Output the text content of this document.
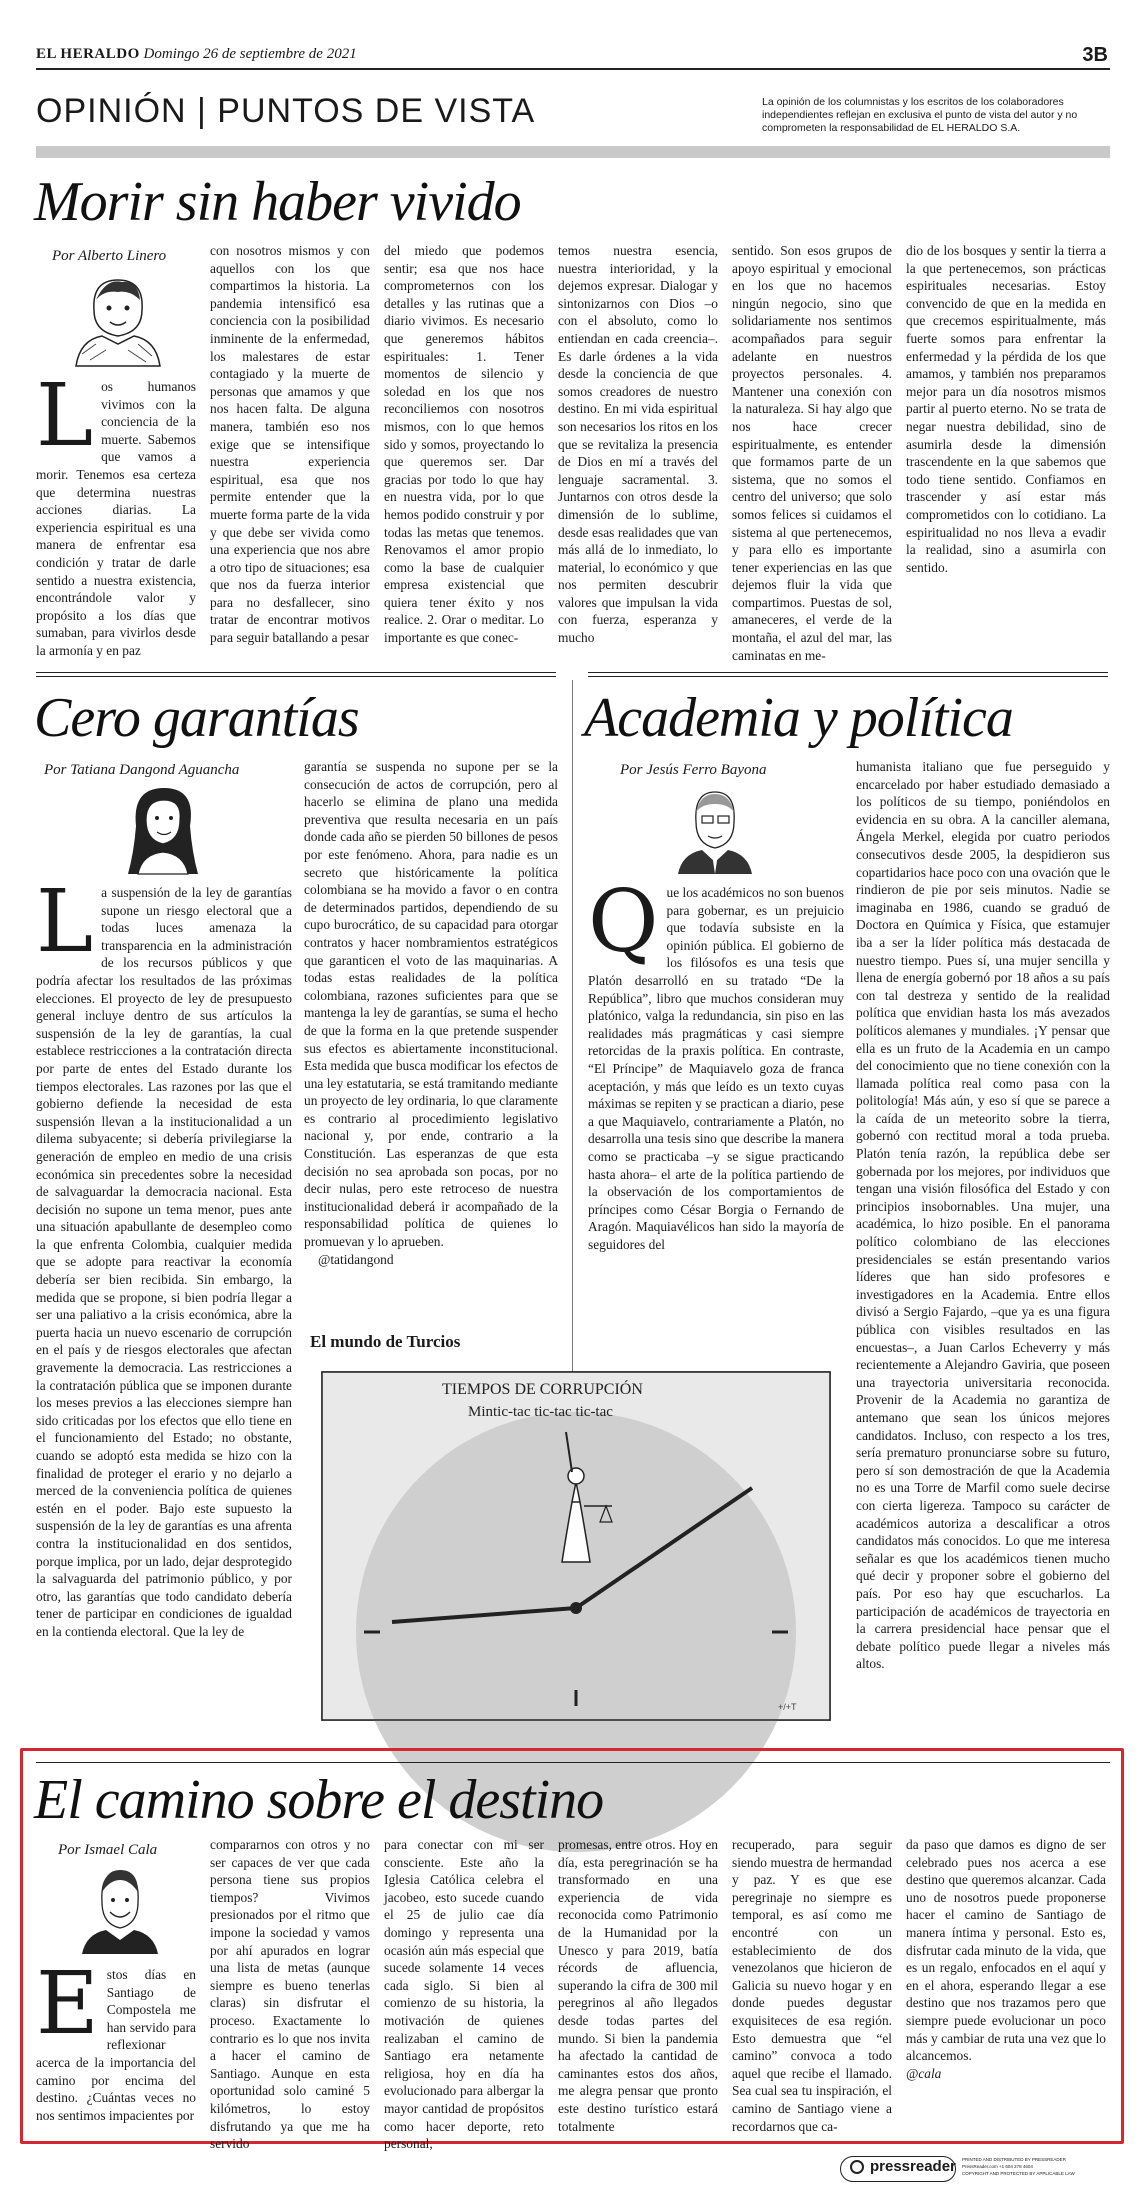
EL HERALDO Domingo 26 de septiembre de 2021	3B
OPINIÓN | PUNTOS DE VISTA	La opinión de los columnistas y los escritos de los colaboradores independientes reflejan en exclusiva el punto de vista del autor y no comprometen la responsabilidad de EL HERALDO S.A.
Morir sin haber vivido
Por Alberto Linero
Los humanos vivimos con la conciencia de la muerte. Sabemos que vamos a morir. Tenemos esa certeza que determina nuestras acciones diarias. La experiencia espiritual es una manera de enfrentar esa condición y tratar de darle sentido a nuestra existencia, encontrándole valor y propósito a los días que sumaban, para vivirlos desde la armonía y en paz
con nosotros mismos y con aquellos con los que compartimos la historia. La pandemia intensificó esa conciencia con la posibilidad inminente de la enfermedad, los malestares de estar contagiado y la muerte de personas que amamos y que nos hacen falta. De alguna manera, también eso nos exige que se intensifique nuestra experiencia espiritual, esa que nos permite entender que la muerte forma parte de la vida y que debe ser vivida como una experiencia que nos abre a otro tipo de situaciones; esa que nos da fuerza interior para no desfallecer, sino tratar de encontrar motivos para seguir batallando a pesar
del miedo que podemos sentir; esa que nos hace comprometernos con los detalles y las rutinas que a diario vivimos. Es necesario que generemos hábitos espirituales: 1. Tener momentos de silencio y soledad en los que nos reconciliemos con nosotros mismos, con lo que hemos sido y somos, proyectando lo que queremos ser. Dar gracias por todo lo que hay en nuestra vida, por lo que hemos podido construir y por todas las metas que tenemos. Renovamos el amor propio como la base de cualquier empresa existencial que quiera tener éxito y nos realice. 2. Orar o meditar. Lo importante es que conec-
temos nuestra esencia, nuestra interioridad, y la dejemos expresar. Dialogar y sintonizarnos con Dios –o con el absoluto, como lo entiendan en cada creencia–. Es darle órdenes a la vida desde la conciencia de que somos creadores de nuestro destino. En mi vida espiritual son necesarios los ritos en los que se revitaliza la presencia de Dios en mí a través del lenguaje sacramental. 3. Juntarnos con otros desde la dimensión de lo sublime, desde esas realidades que van más allá de lo inmediato, lo material, lo económico y que nos permiten descubrir valores que impulsan la vida con fuerza, esperanza y mucho
sentido. Son esos grupos de apoyo espiritual y emocional en los que no hacemos ningún negocio, sino que solidariamente nos sentimos acompañados para seguir adelante en nuestros proyectos personales. 4. Mantener una conexión con la naturaleza. Si hay algo que nos hace crecer espiritualmente, es entender que formamos parte de un sistema, que no somos el centro del universo; que solo somos felices si cuidamos el sistema al que pertenecemos, y para ello es importante tener experiencias en las que dejemos fluir la vida que compartimos. Puestas de sol, amaneceres, el verde de la montaña, el azul del mar, las caminatas en me-
dio de los bosques y sentir la tierra a la que pertenecemos, son prácticas espirituales necesarias. Estoy convencido de que en la medida en que crecemos espiritualmente, más fuerte somos para enfrentar la enfermedad y la pérdida de los que amamos, y también nos preparamos mejor para un día nosotros mismos partir al puerto eterno. No se trata de negar nuestra debilidad, sino de asumirla desde la dimensión trascendente en la que sabemos que todo tiene sentido. Confiamos en trascender y así estar más comprometidos con lo cotidiano. La espiritualidad no nos lleva a evadir la realidad, sino a asumirla con sentido.
Cero garantías
Por Tatiana Dangond Aguancha
La suspensión de la ley de garantías supone un riesgo electoral que a todas luces amenaza la transparencia en la administración de los recursos públicos y que podría afectar los resultados de las próximas elecciones. El proyecto de ley de presupuesto general incluye dentro de sus artículos la suspensión de la ley de garantías, la cual establece restricciones a la contratación directa por parte de entes del Estado durante los tiempos electorales. Las razones por las que el gobierno defiende la necesidad de esta suspensión llevan a la institucionalidad a un dilema subyacente; si debería privilegiarse la generación de empleo en medio de una crisis económica sin precedentes sobre la necesidad de salvaguardar la democracia nacional. Esta decisión no supone un tema menor, pues ante una situación apabullante de desempleo como la que enfrenta Colombia, cualquier medida que se adopte para reactivar la economía debería ser bien recibida. Sin embargo, la medida que se propone, si bien podría llegar a ser una paliativo a la crisis económica, abre la puerta hacia un nuevo escenario de corrupción en el país y de riesgos electorales que afectan gravemente la democracia. Las restricciones a la contratación pública que se imponen durante los meses previos a las elecciones siempre han sido criticadas por los efectos que ello tiene en el funcionamiento del Estado; no obstante, cuando se adoptó esta medida se hizo con la finalidad de proteger el erario y no dejarlo a merced de la conveniencia política de quienes estén en el poder. Bajo este supuesto la suspensión de la ley de garantías es una afrenta contra la institucionalidad en dos sentidos, porque implica, por un lado, dejar desprotegido la salvaguarda del patrimonio público, y por otro, las garantías que todo candidato debería tener de participar en condiciones de igualdad en la contienda electoral. Que la ley de
garantía se suspenda no supone per se la consecución de actos de corrupción, pero al hacerlo se elimina de plano una medida preventiva que resulta necesaria en un país donde cada año se pierden 50 billones de pesos por este fenómeno. Ahora, para nadie es un secreto que históricamente la política colombiana se ha movido a favor o en contra de determinados partidos, dependiendo de su cupo burocrático, de su capacidad para otorgar contratos y hacer nombramientos estratégicos que garanticen el voto de las maquinarias. A todas estas realidades de la política colombiana, razones suficientes para que se mantenga la ley de garantías, se suma el hecho de que la forma en la que pretende suspender sus efectos es abiertamente inconstitucional. Esta medida que busca modificar los efectos de una ley estatutaria, se está tramitando mediante un proyecto de ley ordinaria, lo que claramente es contrario al procedimiento legislativo nacional y, por ende, contrario a la Constitución. Las esperanzas de que esta decisión no sea aprobada son pocas, por no decir nulas, pero este retroceso de nuestra institucionalidad deberá ir acompañado de la responsabilidad política de quienes lo promuevan y lo aprueben.

@tatidangond
Academia y política
Por Jesús Ferro Bayona
Que los académicos no son buenos para gobernar, es un prejuicio que todavía subsiste en la opinión pública. El gobierno de los filósofos es una tesis que Platón desarrolló en su tratado “De la República”, libro que muchos consideran muy platónico, valga la redundancia, sin piso en las realidades más pragmáticas y casi siempre retorcidas de la praxis política. En contraste, “El Príncipe” de Maquiavelo goza de franca aceptación, y más que leído es un texto cuyas máximas se repiten y se practican a diario, pese a que Maquiavelo, contrariamente a Platón, no desarrolla una tesis sino que describe la manera como se practicaba –y se sigue practicando hasta ahora– el arte de la política partiendo de la observación de los comportamientos de príncipes como César Borgia o Fernando de Aragón. Maquiavélicos han sido la mayoría de seguidores del
humanista italiano que fue perseguido y encarcelado por haber estudiado demasiado a los políticos de su tiempo, poniéndolos en evidencia en su obra. A la canciller alemana, Ángela Merkel, elegida por cuatro periodos consecutivos desde 2005, la despidieron sus copartidarios hace poco con una ovación que le rindieron de pie por seis minutos. Nadie se imaginaba en 1986, cuando se graduó de Doctora en Química y Física, que estamujer iba a ser la líder política más destacada de nuestro tiempo. Pues sí, una mujer sencilla y llena de energía gobernó por 18 años a su país con tal destreza y sentido de la realidad política que envidian hasta los más avezados políticos alemanes y mundiales. ¡Y pensar que ella es un fruto de la Academia en un campo del conocimiento que no tiene conexión con la llamada política real como pasa con la politología! Más aún, y eso sí que se parece a la caída de un meteorito sobre la tierra, gobernó con rectitud moral a toda prueba. Platón tenía razón, la república debe ser gobernada por los mejores, por individuos que tengan una visión filosófica del Estado y con principios insobornables. Una mujer, una académica, lo hizo posible. En el panorama político colombiano de las elecciones presidenciales se están presentando varios líderes que han sido profesores e investigadores en la Academia. Entre ellos divisó a Sergio Fajardo, –que ya es una figura pública con visibles resultados en las encuestas–, a Juan Carlos Echeverry y más recientemente a Alejandro Gaviria, que poseen una trayectoria universitaria reconocida. Provenir de la Academia no garantiza de antemano que sean los únicos mejores candidatos. Incluso, con respecto a los tres, sería prematuro pronunciarse sobre su futuro, pero sí son demostración de que la Academia no es una Torre de Marfil como suele decirse con cierta ligereza. Tampoco su carácter de académicos autoriza a descalificar a otros candidatos más conocidos. Lo que me interesa señalar es que los académicos tienen mucho qué decir y proponer sobre el gobierno del país. Por eso hay que escucharlos. La participación de académicos de trayectoria en la carrera presidencial hace pensar que el debate político puede llegar a niveles más altos.
El mundo de Turcios
TIEMPOS DE CORRUPCIÓN
Mintic-tac tic-tac tic-tac
+/+T
El camino sobre el destino
Por Ismael Cala
Estos días en Santiago de Compostela me han servido para reflexionar acerca de la importancia del camino por encima del destino. ¿Cuántas veces no nos sentimos impacientes por
compararnos con otros y no ser capaces de ver que cada persona tiene sus propios tiempos? Vivimos presionados por el ritmo que impone la sociedad y vamos por ahí apurados en lograr una lista de metas (aunque siempre es bueno tenerlas claras) sin disfrutar el proceso. Exactamente lo contrario es lo que nos invita a hacer el camino de Santiago. Aunque en esta oportunidad solo caminé 5 kilómetros, lo estoy disfrutando ya que me ha servido
para conectar con mi ser consciente. Este año la Iglesia Católica celebra el jacobeo, esto sucede cuando el 25 de julio cae día domingo y representa una ocasión aún más especial que sucede solamente 14 veces cada siglo. Si bien al comienzo de su historia, la motivación de quienes realizaban el camino de Santiago era netamente religiosa, hoy en día ha evolucionado para albergar la mayor cantidad de propósitos como hacer deporte, reto personal,
promesas, entre otros. Hoy en día, esta peregrinación se ha transformado en una experiencia de vida reconocida como Patrimonio de la Humanidad por la Unesco y para 2019, batía récords de afluencia, superando la cifra de 300 mil peregrinos al año llegados desde todas partes del mundo. Si bien la pandemia ha afectado la cantidad de caminantes estos dos años, me alegra pensar que pronto este destino turístico estará totalmente
recuperado, para seguir siendo muestra de hermandad y paz. Y es que ese peregrinaje no siempre es temporal, es así como me encontré con un establecimiento de dos venezolanos que hicieron de Galicia su nuevo hogar y en donde puedes degustar exquisiteces de esa región. Esto demuestra que “el camino” convoca a todo aquel que recibe el llamado. Sea cual sea tu inspiración, el camino de Santiago viene a recordarnos que ca-
da paso que damos es digno de ser celebrado pues nos acerca a ese destino que queremos alcanzar. Cada uno de nosotros puede proponerse hacer el camino de Santiago de manera íntima y personal. Esto es, disfrutar cada minuto de la vida, que es un regalo, enfocados en el aquí y en el ahora, esperando llegar a ese destino que nos trazamos pero que siempre puede evolucionar un poco más y cambiar de ruta una vez que lo alcancemos.
@cala
pressreader PRINTED AND DISTRIBUTED BY PRESSREADER
PressReader.com +1 604 278 4604
COPYRIGHT AND PROTECTED BY APPLICABLE LAW
